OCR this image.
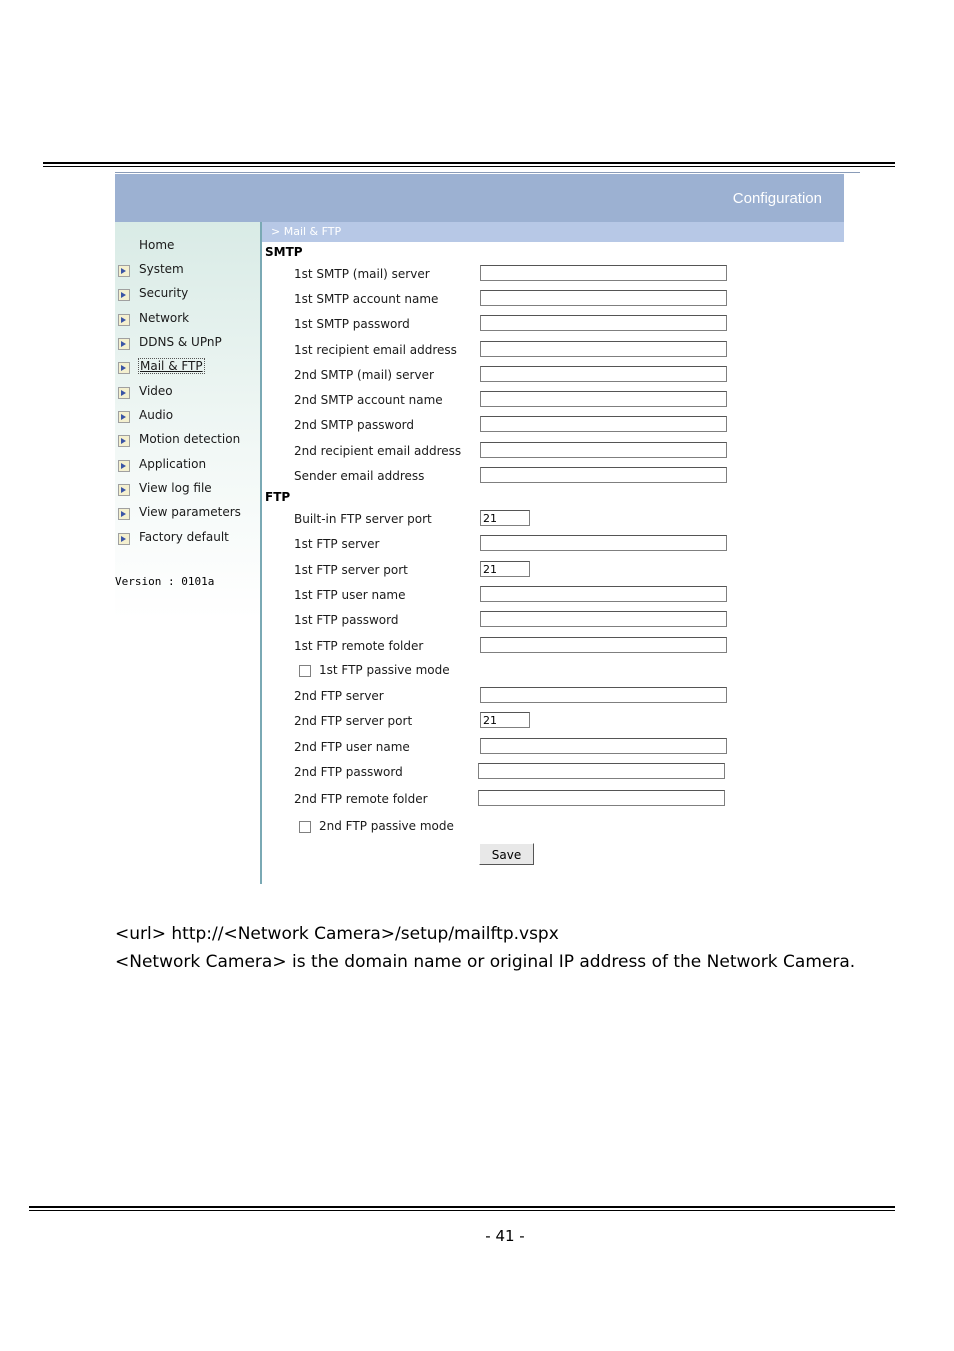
Configuration
> Mail & FTP
Home
System
Security
Network
DDNS & UPnP
Mail & FTP
Video
Audio
Motion detection
Application
View log file
View parameters
Factory default
Version : 0101a
SMTP
1st SMTP (mail) server
1st SMTP account name
1st SMTP password
1st recipient email address
2nd SMTP (mail) server
2nd SMTP account name
2nd SMTP password
2nd recipient email address
Sender email address
FTP
Built-in FTP server port
21
1st FTP server
1st FTP server port
21
1st FTP user name
1st FTP password
1st FTP remote folder
1st FTP passive mode
2nd FTP server
2nd FTP server port
21
2nd FTP user name
2nd FTP password
2nd FTP remote folder
2nd FTP passive mode
Save
<url> http://<Network Camera>/setup/mailftp.vspx
<Network Camera> is the domain name or original IP address of the Network Camera.
- 41 -
